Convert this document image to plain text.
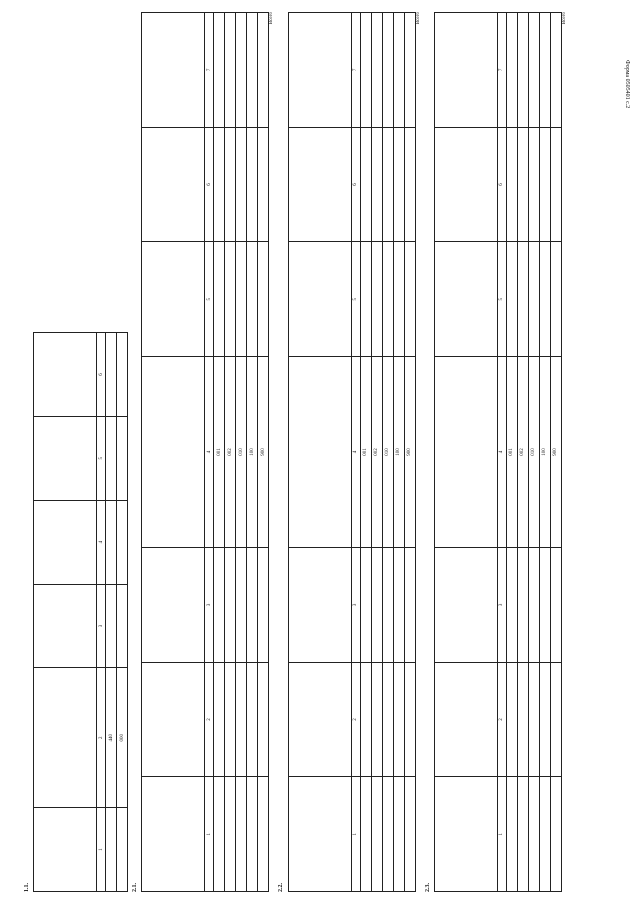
Форма 0505401 с.2
1.1.

1	2	3	4	5	6
	440				
	000				
2.1.

1	2	3	4	5	6	7
			001			
			002			
			010			
			100			
			900			
Всего
2.2.

1	2	3	4	5	6	7
			001			
			002			
			010			
			100			
			900			
Всего
2.3.

1	2	3	4	5	6	7
			001			
			002			
			010			
			100			
			900			
Всего
